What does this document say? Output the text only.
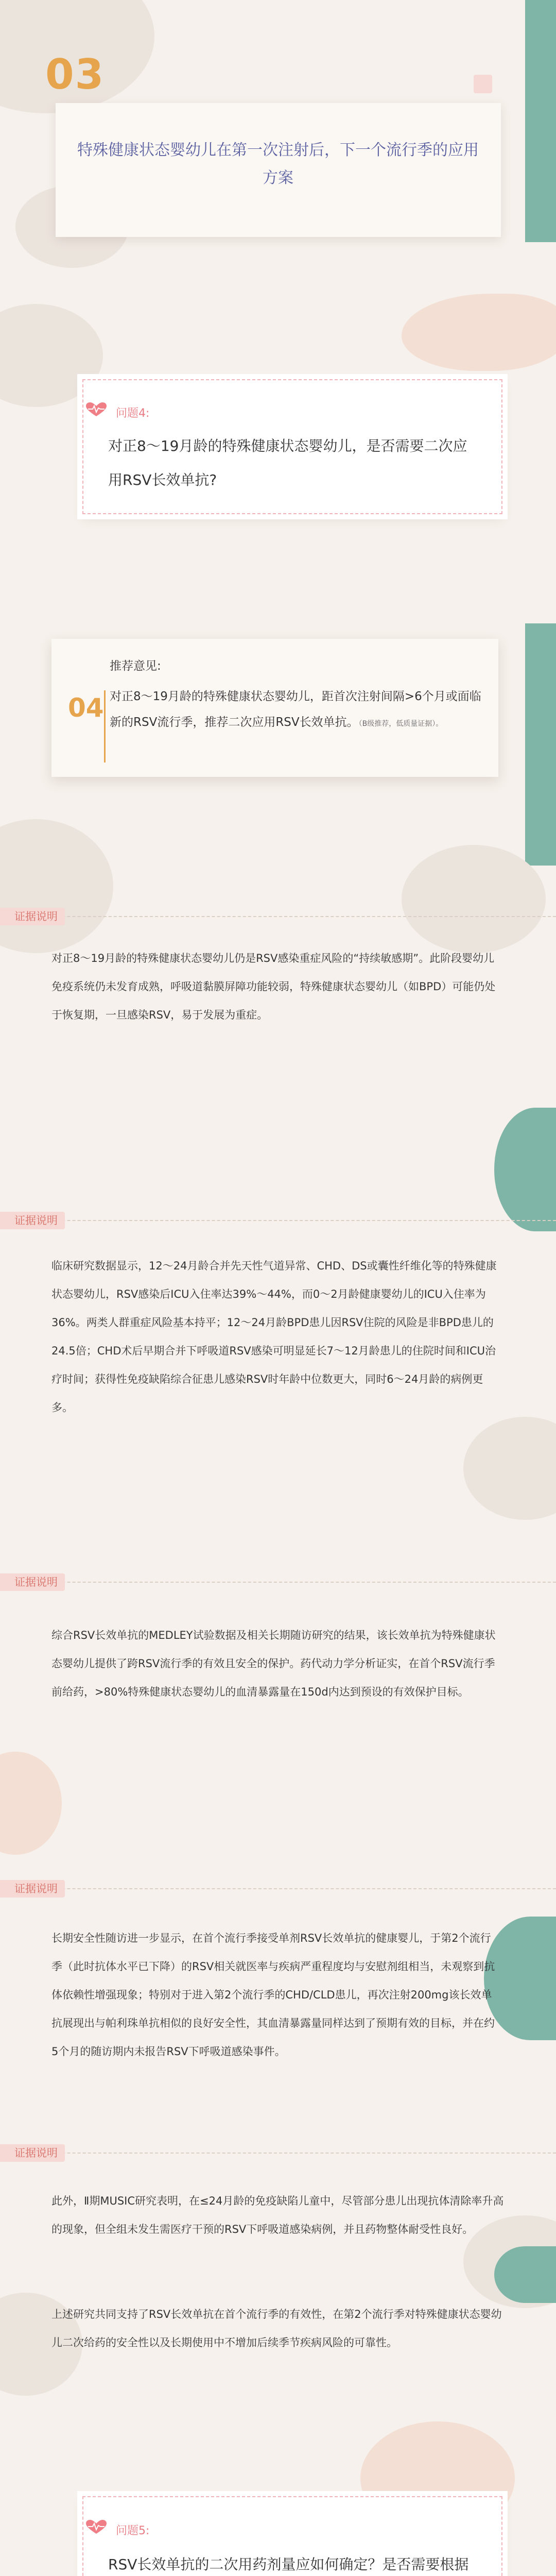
03
特殊健康状态婴幼儿在第一次注射后，下一个流行季的应用方案
问题4:
对正8～19月龄的特殊健康状态婴幼儿，是否需要二次应用RSV长效单抗?
推荐意见:
04 对正8～19月龄的特殊健康状态婴幼儿，距首次注射间隔>6个月或面临新的RSV流行季，推荐二次应用RSV长效单抗。（B级推荐，低质量证据）。
证据说明
对正8～19月龄的特殊健康状态婴幼儿仍是RSV感染重症风险的“持续敏感期”。此阶段婴幼儿免疫系统仍未发育成熟，呼吸道黏膜屏障功能较弱，特殊健康状态婴幼儿（如BPD）可能仍处于恢复期，一旦感染RSV，易于发展为重症。
证据说明
临床研究数据显示，12～24月龄合并先天性气道异常、CHD、DS或囊性纤维化等的特殊健康状态婴幼儿，RSV感染后ICU入住率达39%～44%，而0～2月龄健康婴幼儿的ICU入住率为36%。两类人群重症风险基本持平；12～24月龄BPD患儿因RSV住院的风险是非BPD患儿的24.5倍；CHD术后早期合并下呼吸道RSV感染可明显延长7～12月龄患儿的住院时间和ICU治疗时间；获得性免疫缺陷综合征患儿感染RSV时年龄中位数更大，同时6～24月龄的病例更多。
证据说明
综合RSV长效单抗的MEDLEY试验数据及相关长期随访研究的结果，该长效单抗为特殊健康状态婴幼儿提供了跨RSV流行季的有效且安全的保护。药代动力学分析证实，在首个RSV流行季前给药，>80%特殊健康状态婴幼儿的血清暴露量在150d内达到预设的有效保护目标。
证据说明
长期安全性随访进一步显示，在首个流行季接受单剂RSV长效单抗的健康婴儿，于第2个流行季（此时抗体水平已下降）的RSV相关就医率与疾病严重程度均与安慰剂组相当，未观察到抗体依赖性增强现象；特别对于进入第2个流行季的CHD/CLD患儿，再次注射200mg该长效单抗展现出与帕利珠单抗相似的良好安全性，其血清暴露量同样达到了预期有效的目标，并在约5个月的随访期内未报告RSV下呼吸道感染事件。
证据说明
此外，Ⅱ期MUSIC研究表明，在≤24月龄的免疫缺陷儿童中，尽管部分患儿出现抗体清除率升高的现象，但全组未发生需医疗干预的RSV下呼吸道感染病例，并且药物整体耐受性良好。
上述研究共同支持了RSV长效单抗在首个流行季的有效性，在第2个流行季对特殊健康状态婴幼儿二次给药的安全性以及长期使用中不增加后续季节疾病风险的可靠性。
问题5:
RSV长效单抗的二次用药剂量应如何确定？是否需要根据
